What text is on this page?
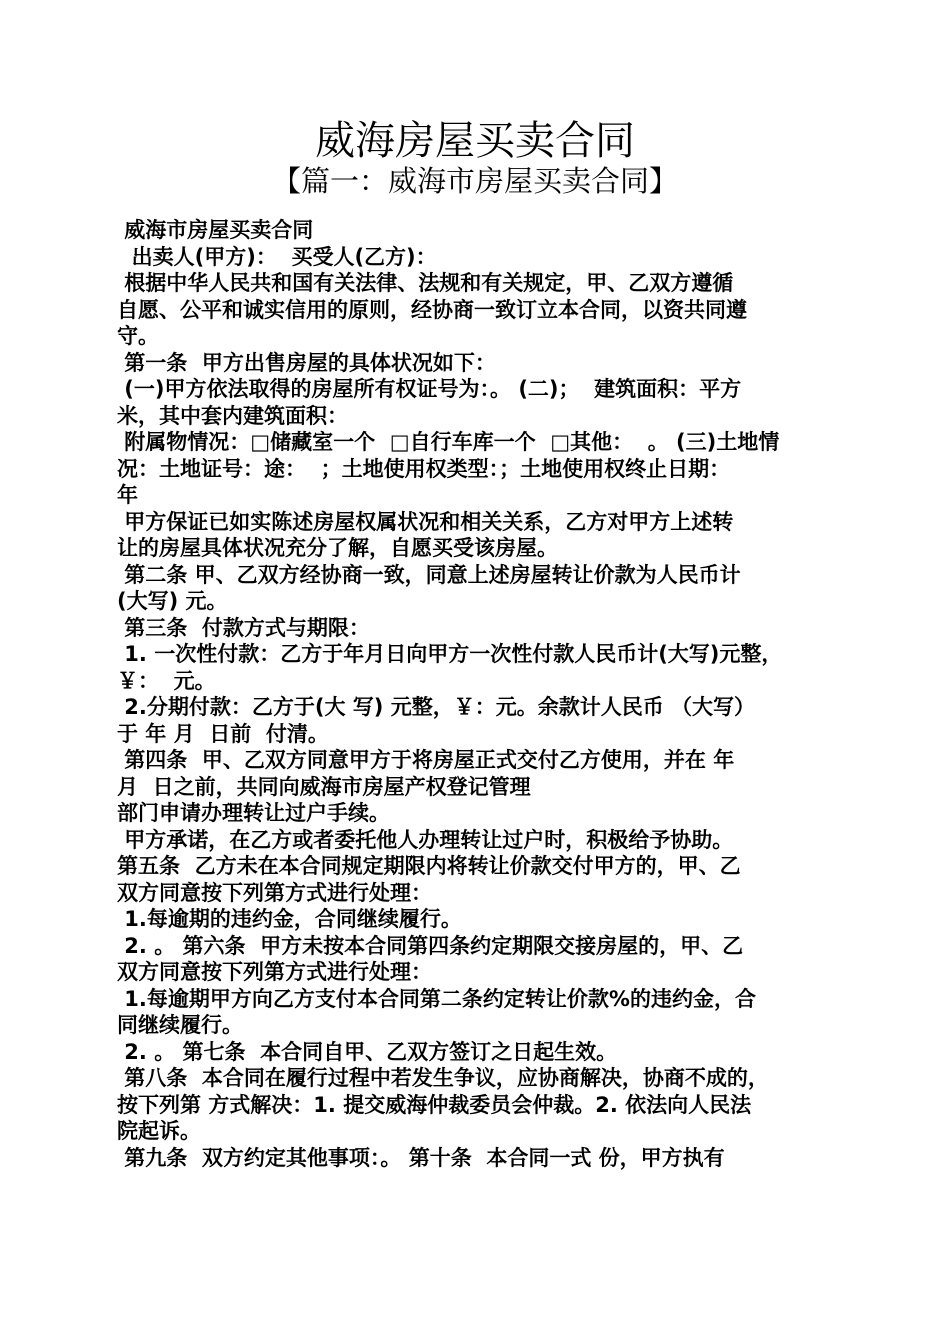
威海房屋买卖合同
【篇一：威海市房屋买卖合同】
威海市房屋买卖合同
出卖人(甲方)：  买受人(乙方)：
根据中华人民共和国有关法律、法规和有关规定，甲、乙双方遵循
自愿、公平和诚实信用的原则，经协商一致订立本合同，以资共同遵
守。
第一条  甲方出售房屋的具体状况如下：
(一)甲方依法取得的房屋所有权证号为：。 (二)；  建筑面积：平方
米，其中套内建筑面积：
附属物情况：□储藏室一个  □自行车库一个  □其他：  。 (三)土地情
况：土地证号：途：  ；土地使用权类型：；土地使用权终止日期：
年
甲方保证已如实陈述房屋权属状况和相关关系，乙方对甲方上述转
让的房屋具体状况充分了解，自愿买受该房屋。
第二条 甲、乙双方经协商一致，同意上述房屋转让价款为人民币计
(大写) 元。
第三条  付款方式与期限：
1. 一次性付款：乙方于年月日向甲方一次性付款人民币计(大写)元整，
￥：  元。
2.分期付款：乙方于(大 写) 元整，￥：元。余款计人民币 （大写）
于 年 月  日前  付清。
第四条  甲、乙双方同意甲方于将房屋正式交付乙方使用，并在 年
月  日之前，共同向威海市房屋产权登记管理
部门申请办理转让过户手续。
甲方承诺，在乙方或者委托他人办理转让过户时，积极给予协助。
第五条  乙方未在本合同规定期限内将转让价款交付甲方的，甲、乙
双方同意按下列第方式进行处理：
1.每逾期的违约金，合同继续履行。
2. 。 第六条  甲方未按本合同第四条约定期限交接房屋的，甲、乙
双方同意按下列第方式进行处理：
1.每逾期甲方向乙方支付本合同第二条约定转让价款%的违约金，合
同继续履行。
2. 。 第七条  本合同自甲、乙双方签订之日起生效。
第八条  本合同在履行过程中若发生争议，应协商解决，协商不成的，
按下列第 方式解决：1. 提交威海仲裁委员会仲裁。2. 依法向人民法
院起诉。
第九条  双方约定其他事项：。 第十条  本合同一式 份，甲方执有
